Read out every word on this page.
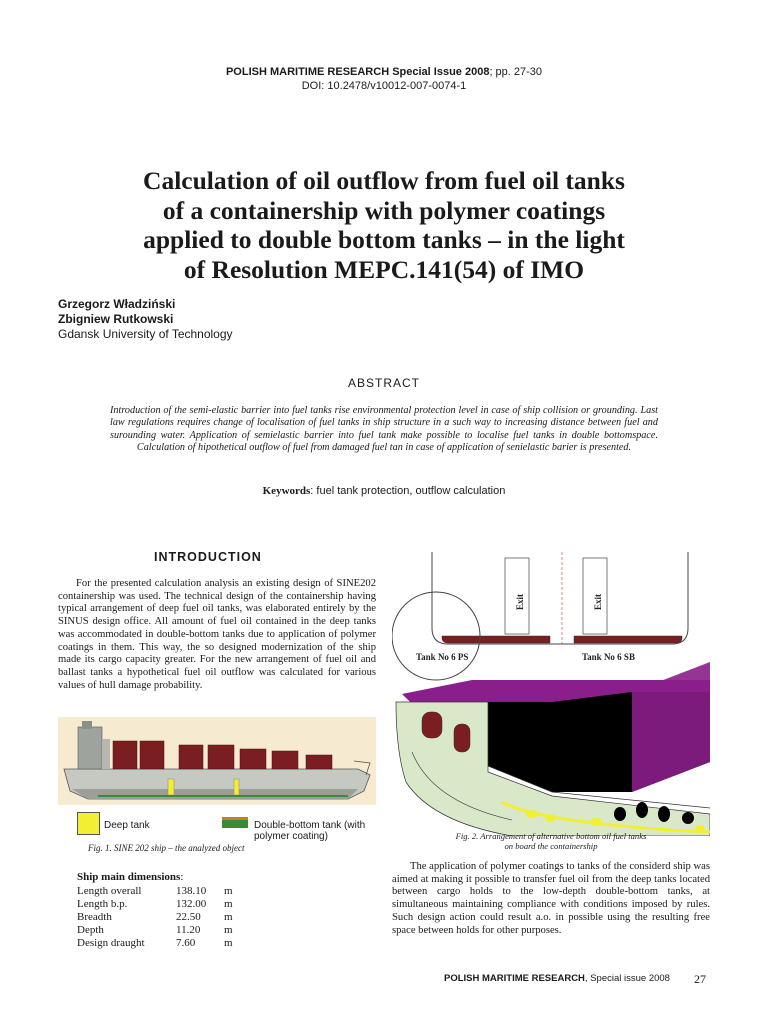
POLISH MARITIME RESEARCH Special Issue 2008; pp. 27-30
DOI: 10.2478/v10012-007-0074-1
Calculation of oil outflow from fuel oil tanks
of a containership with polymer coatings
applied to double bottom tanks – in the light
of Resolution MEPC.141(54) of IMO
Grzegorz Władziński
Zbigniew Rutkowski
Gdansk University of Technology
ABSTRACT
Introduction of the semi-elastic barrier into fuel tanks rise environmental protection level in case of ship collision or grounding. Last law regulations requires change of localisation of fuel tanks in ship structure in a such way to increasing distance between fuel and surounding water. Application of semielastic barrier into fuel tank make possible to localise fuel tanks in double bottomspace. Calculation of hipothetical outflow of fuel from damaged fuel tan in case of application of senielastic barier is presented.
Keywords: fuel tank protection, outflow calculation
INTRODUCTION
For the presented calculation analysis an existing design of SINE202 containership was used. The technical design of the containership having typical arrangement of deep fuel oil tanks, was elaborated entirely by the SINUS design office. All amount of fuel oil contained in the deep tanks was accommodated in double-bottom tanks due to application of polymer coatings in them. This way, the so designed modernization of the ship made its cargo capacity greater. For the new arrangement of fuel oil and ballast tanks a hypothetical fuel oil outflow was calculated for various values of hull damage probability.
Deep tank	Double-bottom tank (with polymer coating)
Fig. 1. SINE 202 ship – the analyzed object
Exit	Exit
Tank No 6 PS	Tank No 6 SB
Fig. 2. Arrangement of alternative bottom oil fuel tanks
on board the containership
Ship main dimensions:
Length overall	138.10 m
Length b.p.	132.00 m
Breadth	22.50 m
Depth	11.20 m
Design draught	7.60	m
The application of polymer coatings to tanks of the considerd ship was aimed at making it possible to transfer fuel oil from the deep tanks located between cargo holds to the low-depth double-bottom tanks, at simultaneous maintaining compliance with conditions imposed by rules. Such design action could result a.o. in possible using the resulting free space between holds for other purposes.
POLISH MARITIME RESEARCH, Special issue 2008 27
